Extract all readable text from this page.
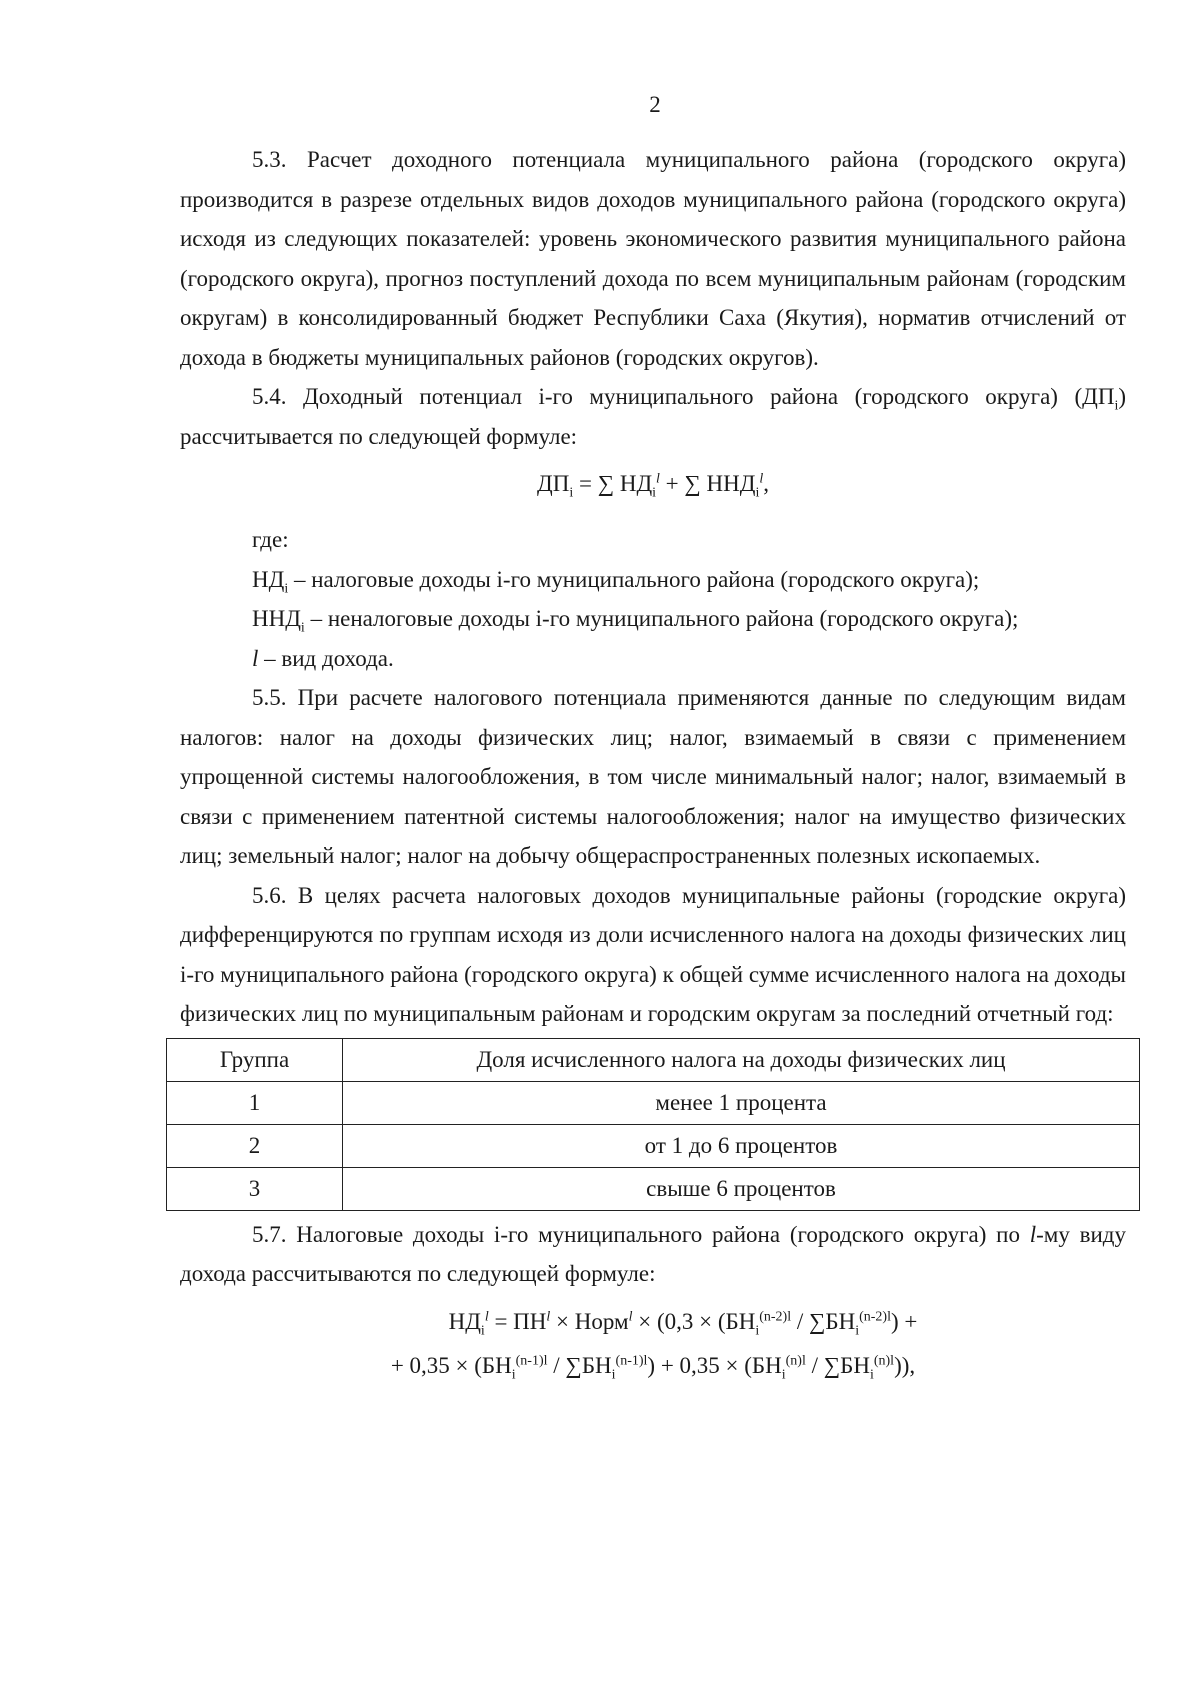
2

5.3. Расчет доходного потенциала муниципального района (городского округа) производится в разрезе отдельных видов доходов муниципального района (городского округа) исходя из следующих показателей: уровень экономического развития муниципального района (городского округа), прогноз поступлений дохода по всем муниципальным районам (городским округам) в консолидированный бюджет Республики Саха (Якутия), норматив отчислений от дохода в бюджеты муниципальных районов (городских округов).

5.4. Доходный потенциал i-го муниципального района (городского округа) $(ДП_i)$ рассчитывается по следующей формуле:

$ДП_i$ = ∑ $НД_i^l$ + ∑ $ННД_i^l$,

где:

$НД_i$ – налоговые доходы i-го муниципального района (городского округа);

$ННД_i$ – неналоговые доходы i-го муниципального района (городского округа);

l – вид дохода.

5.5. При расчете налогового потенциала применяются данные по следующим видам налогов: налог на доходы физических лиц; налог, взимаемый в связи с применением упрощенной системы налогообложения, в том числе минимальный налог; налог, взимаемый в связи с применением патентной системы налогообложения; налог на имущество физических лиц; земельный налог; налог на добычу общераспространенных полезных ископаемых.

5.6. В целях расчета налоговых доходов муниципальные районы (городские округа) дифференцируются по группам исходя из доли исчисленного налога на доходы физических лиц i-го муниципального района (городского округа) к общей сумме исчисленного налога на доходы физических лиц по муниципальным районам и городским округам за последний отчетный год:

Группа	Доля исчисленного налога на доходы физических лиц
1	менее 1 процента
2	от 1 до 6 процентов
3	свыше 6 процентов

5.7. Налоговые доходы i-го муниципального района (городского округа) по l-му виду дохода рассчитываются по следующей формуле:

$НД_i^l = ПН^l$ × Норм$^l$ × ($0,3 \times (БН_i^{(n-2)l} / \sum БН_i^{(n-2)l})$ +
+ $0,35 \times (БН_i^{(n-1)l} / \sum БН_i^{(n-1)l}) + 0,35 \times (БН_i^{(n)l} / \sum БН_i^{(n)l})$),
